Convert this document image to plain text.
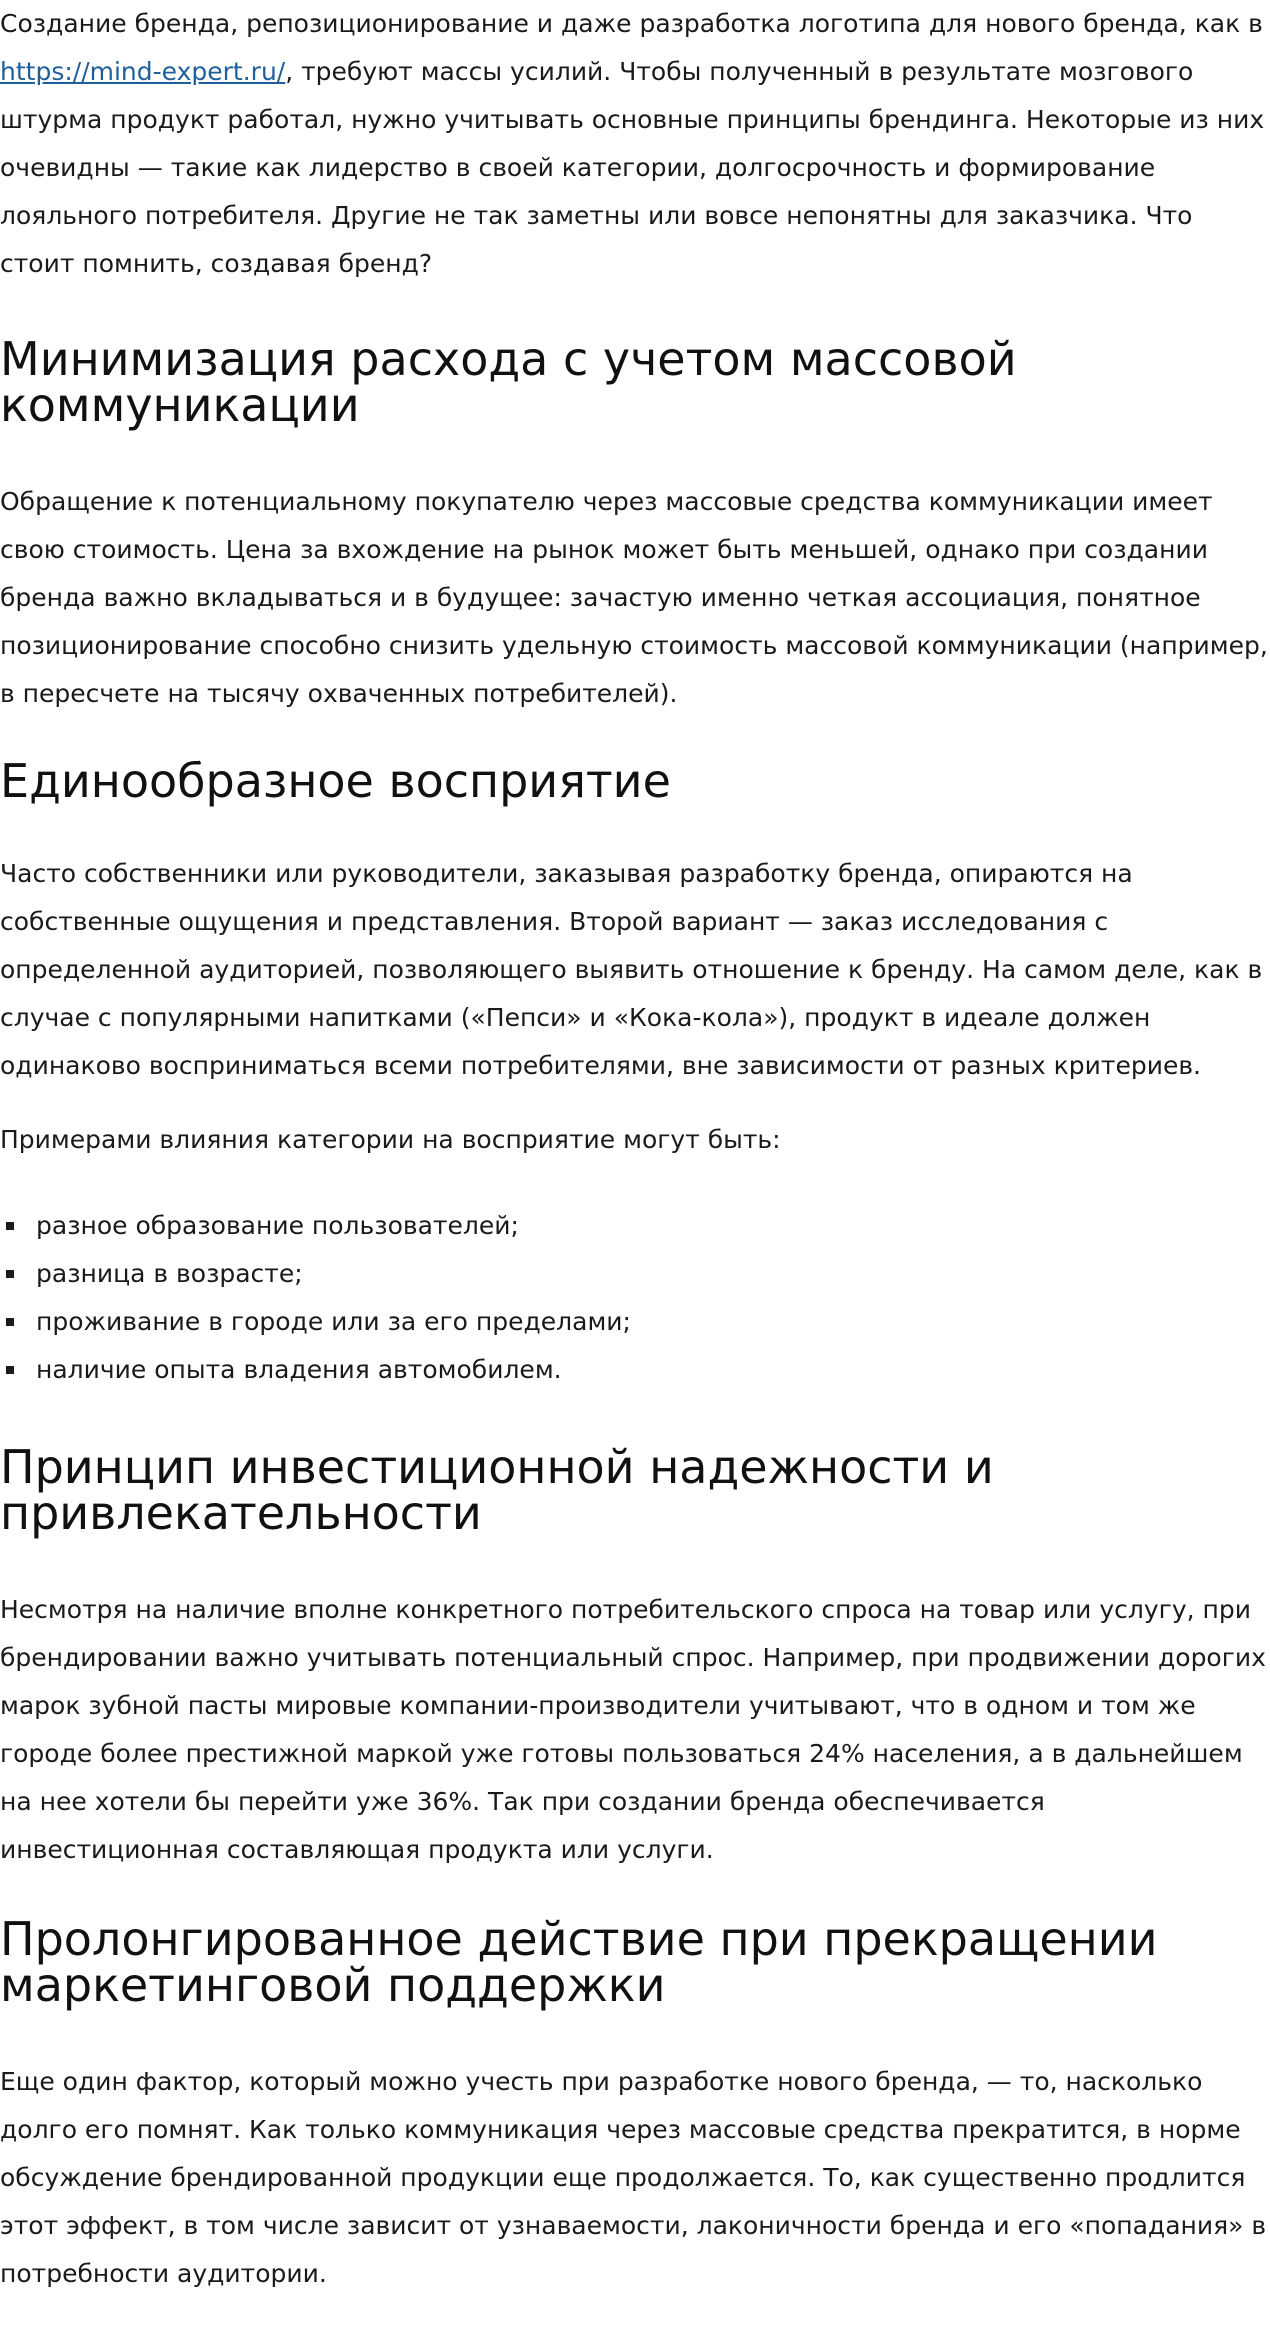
Создание бренда, репозиционирование и даже разработка логотипа для нового бренда, как в https://mind-expert.ru/, требуют массы усилий. Чтобы полученный в результате мозгового штурма продукт работал, нужно учитывать основные принципы брендинга. Некоторые из них очевидны — такие как лидерство в своей категории, долгосрочность и формирование лояльного потребителя. Другие не так заметны или вовсе непонятны для заказчика. Что стоит помнить, создавая бренд?

Минимизация расхода с учетом массовой коммуникации

Обращение к потенциальному покупателю через массовые средства коммуникации имеет свою стоимость. Цена за вхождение на рынок может быть меньшей, однако при создании бренда важно вкладываться и в будущее: зачастую именно четкая ассоциация, понятное позиционирование способно снизить удельную стоимость массовой коммуникации (например, в пересчете на тысячу охваченных потребителей).

Единообразное восприятие

Часто собственники или руководители, заказывая разработку бренда, опираются на собственные ощущения и представления. Второй вариант — заказ исследования с определенной аудиторией, позволяющего выявить отношение к бренду. На самом деле, как в случае с популярными напитками («Пепси» и «Кока-кола»), продукт в идеале должен одинаково восприниматься всеми потребителями, вне зависимости от разных критериев.

Примерами влияния категории на восприятие могут быть:

разное образование пользователей;
разница в возрасте;
проживание в городе или за его пределами;
наличие опыта владения автомобилем.
Принцип инвестиционной надежности и привлекательности

Несмотря на наличие вполне конкретного потребительского спроса на товар или услугу, при брендировании важно учитывать потенциальный спрос. Например, при продвижении дорогих марок зубной пасты мировые компании-производители учитывают, что в одном и том же городе более престижной маркой уже готовы пользоваться 24% населения, а в дальнейшем на нее хотели бы перейти уже 36%. Так при создании бренда обеспечивается инвестиционная составляющая продукта или услуги.

Пролонгированное действие при прекращении маркетинговой поддержки

Еще один фактор, который можно учесть при разработке нового бренда, — то, насколько долго его помнят. Как только коммуникация через массовые средства прекратится, в норме обсуждение брендированной продукции еще продолжается. То, как существенно продлится этот эффект, в том числе зависит от узнаваемости, лаконичности бренда и его «попадания» в потребности аудитории.
